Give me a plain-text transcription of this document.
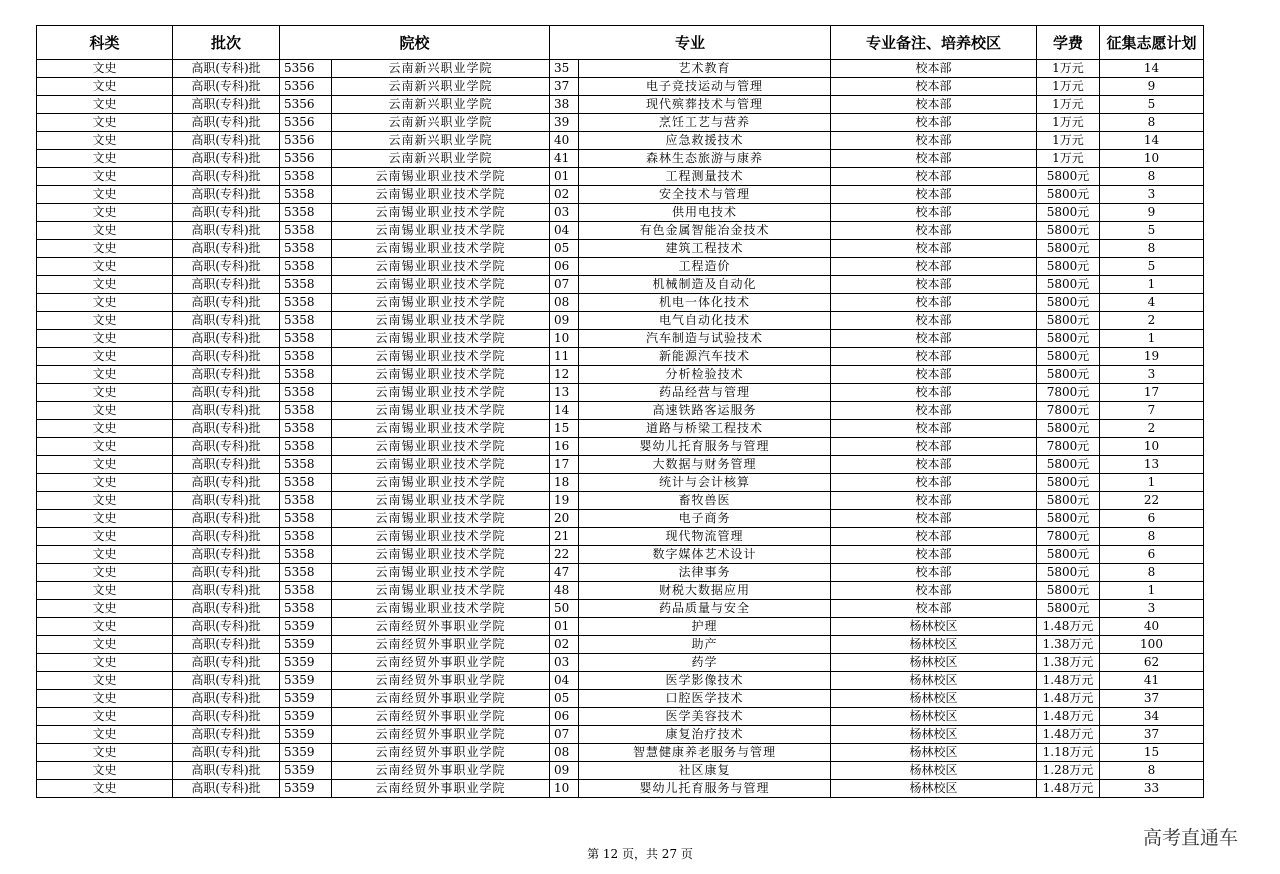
科类	批次	院校		专业		专业备注、培养校区	学费	征集志愿计划
文史	高职(专科)批	5356	云南新兴职业学院	35	艺术教育	校本部	1万元	14
文史	高职(专科)批	5356	云南新兴职业学院	37	电子竞技运动与管理	校本部	1万元	9
文史	高职(专科)批	5356	云南新兴职业学院	38	现代殡葬技术与管理	校本部	1万元	5
文史	高职(专科)批	5356	云南新兴职业学院	39	烹饪工艺与营养	校本部	1万元	8
文史	高职(专科)批	5356	云南新兴职业学院	40	应急救援技术	校本部	1万元	14
文史	高职(专科)批	5356	云南新兴职业学院	41	森林生态旅游与康养	校本部	1万元	10
文史	高职(专科)批	5358	云南锡业职业技术学院	01	工程测量技术	校本部	5800元	8
文史	高职(专科)批	5358	云南锡业职业技术学院	02	安全技术与管理	校本部	5800元	3
文史	高职(专科)批	5358	云南锡业职业技术学院	03	供用电技术	校本部	5800元	9
文史	高职(专科)批	5358	云南锡业职业技术学院	04	有色金属智能冶金技术	校本部	5800元	5
文史	高职(专科)批	5358	云南锡业职业技术学院	05	建筑工程技术	校本部	5800元	8
文史	高职(专科)批	5358	云南锡业职业技术学院	06	工程造价	校本部	5800元	5
文史	高职(专科)批	5358	云南锡业职业技术学院	07	机械制造及自动化	校本部	5800元	1
文史	高职(专科)批	5358	云南锡业职业技术学院	08	机电一体化技术	校本部	5800元	4
文史	高职(专科)批	5358	云南锡业职业技术学院	09	电气自动化技术	校本部	5800元	2
文史	高职(专科)批	5358	云南锡业职业技术学院	10	汽车制造与试验技术	校本部	5800元	1
文史	高职(专科)批	5358	云南锡业职业技术学院	11	新能源汽车技术	校本部	5800元	19
文史	高职(专科)批	5358	云南锡业职业技术学院	12	分析检验技术	校本部	5800元	3
文史	高职(专科)批	5358	云南锡业职业技术学院	13	药品经营与管理	校本部	7800元	17
文史	高职(专科)批	5358	云南锡业职业技术学院	14	高速铁路客运服务	校本部	7800元	7
文史	高职(专科)批	5358	云南锡业职业技术学院	15	道路与桥梁工程技术	校本部	5800元	2
文史	高职(专科)批	5358	云南锡业职业技术学院	16	婴幼儿托育服务与管理	校本部	7800元	10
文史	高职(专科)批	5358	云南锡业职业技术学院	17	大数据与财务管理	校本部	5800元	13
文史	高职(专科)批	5358	云南锡业职业技术学院	18	统计与会计核算	校本部	5800元	1
文史	高职(专科)批	5358	云南锡业职业技术学院	19	畜牧兽医	校本部	5800元	22
文史	高职(专科)批	5358	云南锡业职业技术学院	20	电子商务	校本部	5800元	6
文史	高职(专科)批	5358	云南锡业职业技术学院	21	现代物流管理	校本部	7800元	8
文史	高职(专科)批	5358	云南锡业职业技术学院	22	数字媒体艺术设计	校本部	5800元	6
文史	高职(专科)批	5358	云南锡业职业技术学院	47	法律事务	校本部	5800元	8
文史	高职(专科)批	5358	云南锡业职业技术学院	48	财税大数据应用	校本部	5800元	1
文史	高职(专科)批	5358	云南锡业职业技术学院	50	药品质量与安全	校本部	5800元	3
文史	高职(专科)批	5359	云南经贸外事职业学院	01	护理	杨林校区	1.48万元	40
文史	高职(专科)批	5359	云南经贸外事职业学院	02	助产	杨林校区	1.38万元	100
文史	高职(专科)批	5359	云南经贸外事职业学院	03	药学	杨林校区	1.38万元	62
文史	高职(专科)批	5359	云南经贸外事职业学院	04	医学影像技术	杨林校区	1.48万元	41
文史	高职(专科)批	5359	云南经贸外事职业学院	05	口腔医学技术	杨林校区	1.48万元	37
文史	高职(专科)批	5359	云南经贸外事职业学院	06	医学美容技术	杨林校区	1.48万元	34
文史	高职(专科)批	5359	云南经贸外事职业学院	07	康复治疗技术	杨林校区	1.48万元	37
文史	高职(专科)批	5359	云南经贸外事职业学院	08	智慧健康养老服务与管理	杨林校区	1.18万元	15
文史	高职(专科)批	5359	云南经贸外事职业学院	09	社区康复	杨林校区	1.28万元	8
文史	高职(专科)批	5359	云南经贸外事职业学院	10	婴幼儿托育服务与管理	杨林校区	1.48万元	33
第 12 页，共 27 页
高考直通车
